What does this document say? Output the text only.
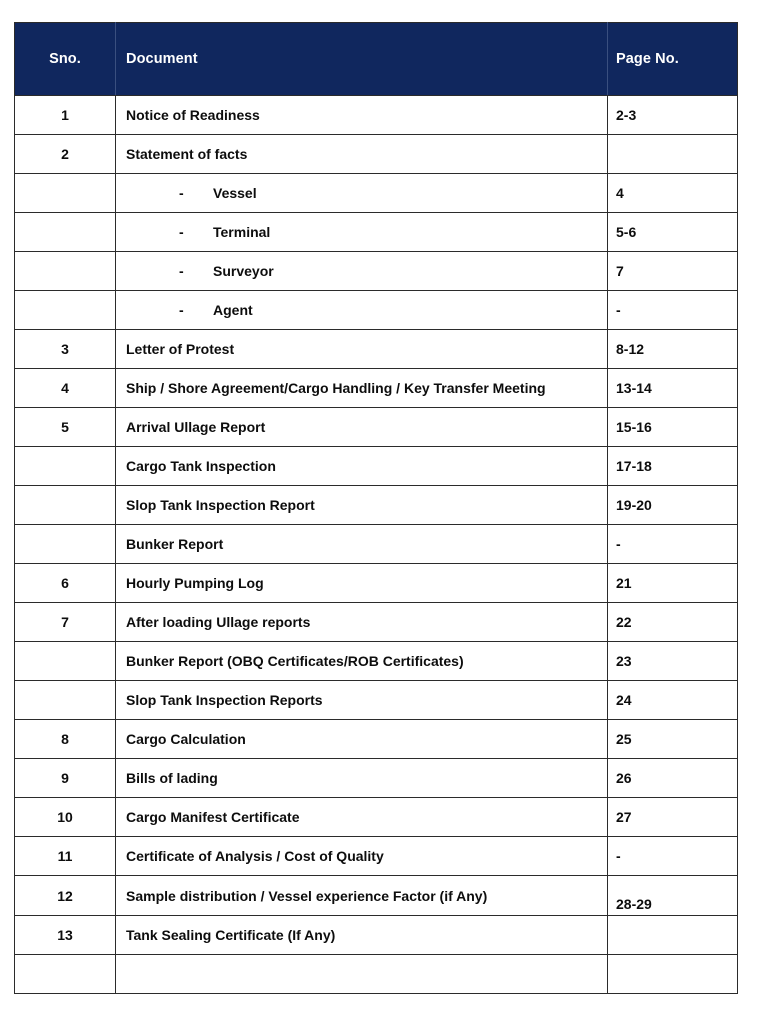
Sno.	Document	Page No.
1	Notice of Readiness	2-3
2	Statement of facts	
	- Vessel	4
	- Terminal	5-6
	- Surveyor	7
	- Agent	-
3	Letter of Protest	8-12
4	Ship / Shore Agreement/Cargo Handling / Key Transfer Meeting	13-14
5	Arrival Ullage Report	15-16
	Cargo Tank Inspection	17-18
	Slop Tank Inspection Report	19-20
	Bunker Report	-
6	Hourly Pumping Log	21
7	After loading Ullage reports	22
	Bunker Report (OBQ Certificates/ROB Certificates)	23
	Slop Tank Inspection Reports	24
8	Cargo Calculation	25
9	Bills of lading	26
10	Cargo Manifest Certificate	27
11	Certificate of Analysis / Cost of Quality	-
12	Sample distribution / Vessel experience Factor (if Any)	28-29
13	Tank Sealing Certificate (If Any)	
